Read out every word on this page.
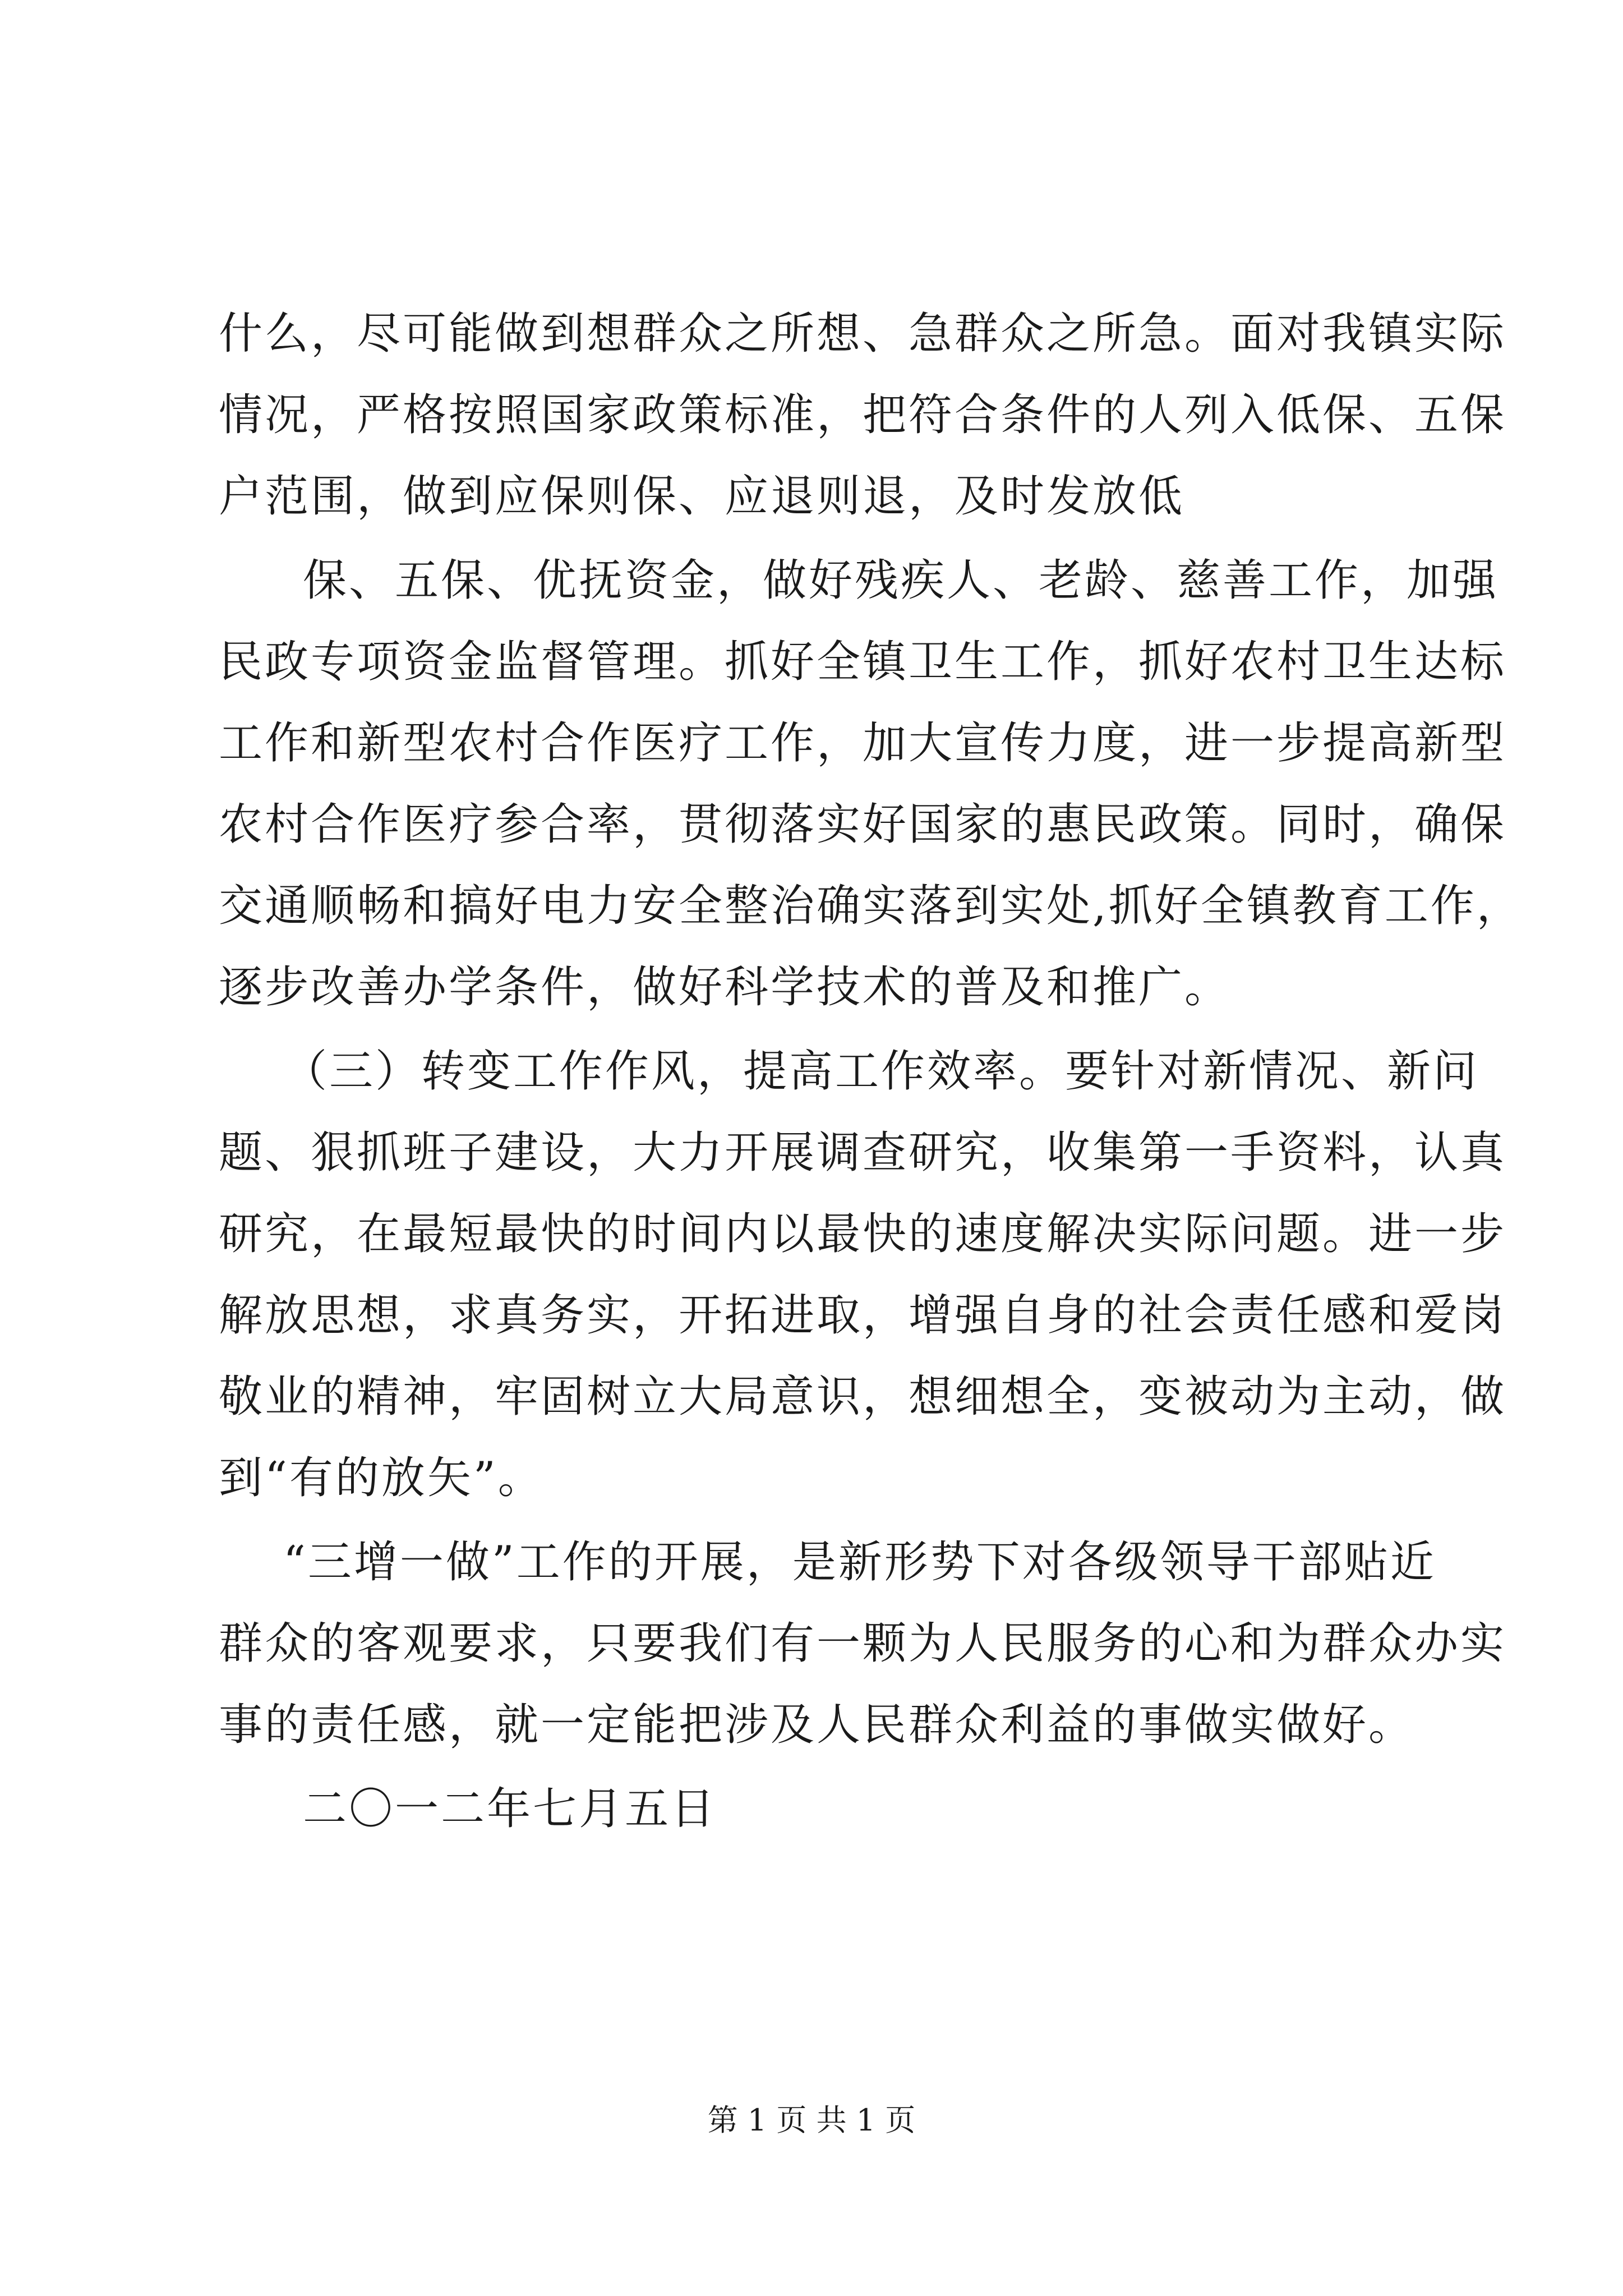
什么，尽可能做到想群众之所想、急群众之所急。面对我镇实际
情况，严格按照国家政策标准，把符合条件的人列入低保、五保
户范围，做到应保则保、应退则退，及时发放低
保、五保、优抚资金，做好残疾人、老龄、慈善工作，加强
民政专项资金监督管理。抓好全镇卫生工作，抓好农村卫生达标
工作和新型农村合作医疗工作，加大宣传力度，进一步提高新型
农村合作医疗参合率，贯彻落实好国家的惠民政策。同时，确保
交通顺畅和搞好电力安全整治确实落到实处,抓好全镇教育工作，
逐步改善办学条件，做好科学技术的普及和推广。
（三）转变工作作风，提高工作效率。要针对新情况、新问
题、狠抓班子建设，大力开展调查研究，收集第一手资料，认真
研究，在最短最快的时间内以最快的速度解决实际问题。进一步
解放思想，求真务实，开拓进取，增强自身的社会责任感和爱岗
敬业的精神，牢固树立大局意识，想细想全，变被动为主动，做
到“有的放矢”。
“三增一做”工作的开展，是新形势下对各级领导干部贴近
群众的客观要求，只要我们有一颗为人民服务的心和为群众办实
事的责任感，就一定能把涉及人民群众利益的事做实做好。
二〇一二年七月五日
第 1 页 共 1 页
